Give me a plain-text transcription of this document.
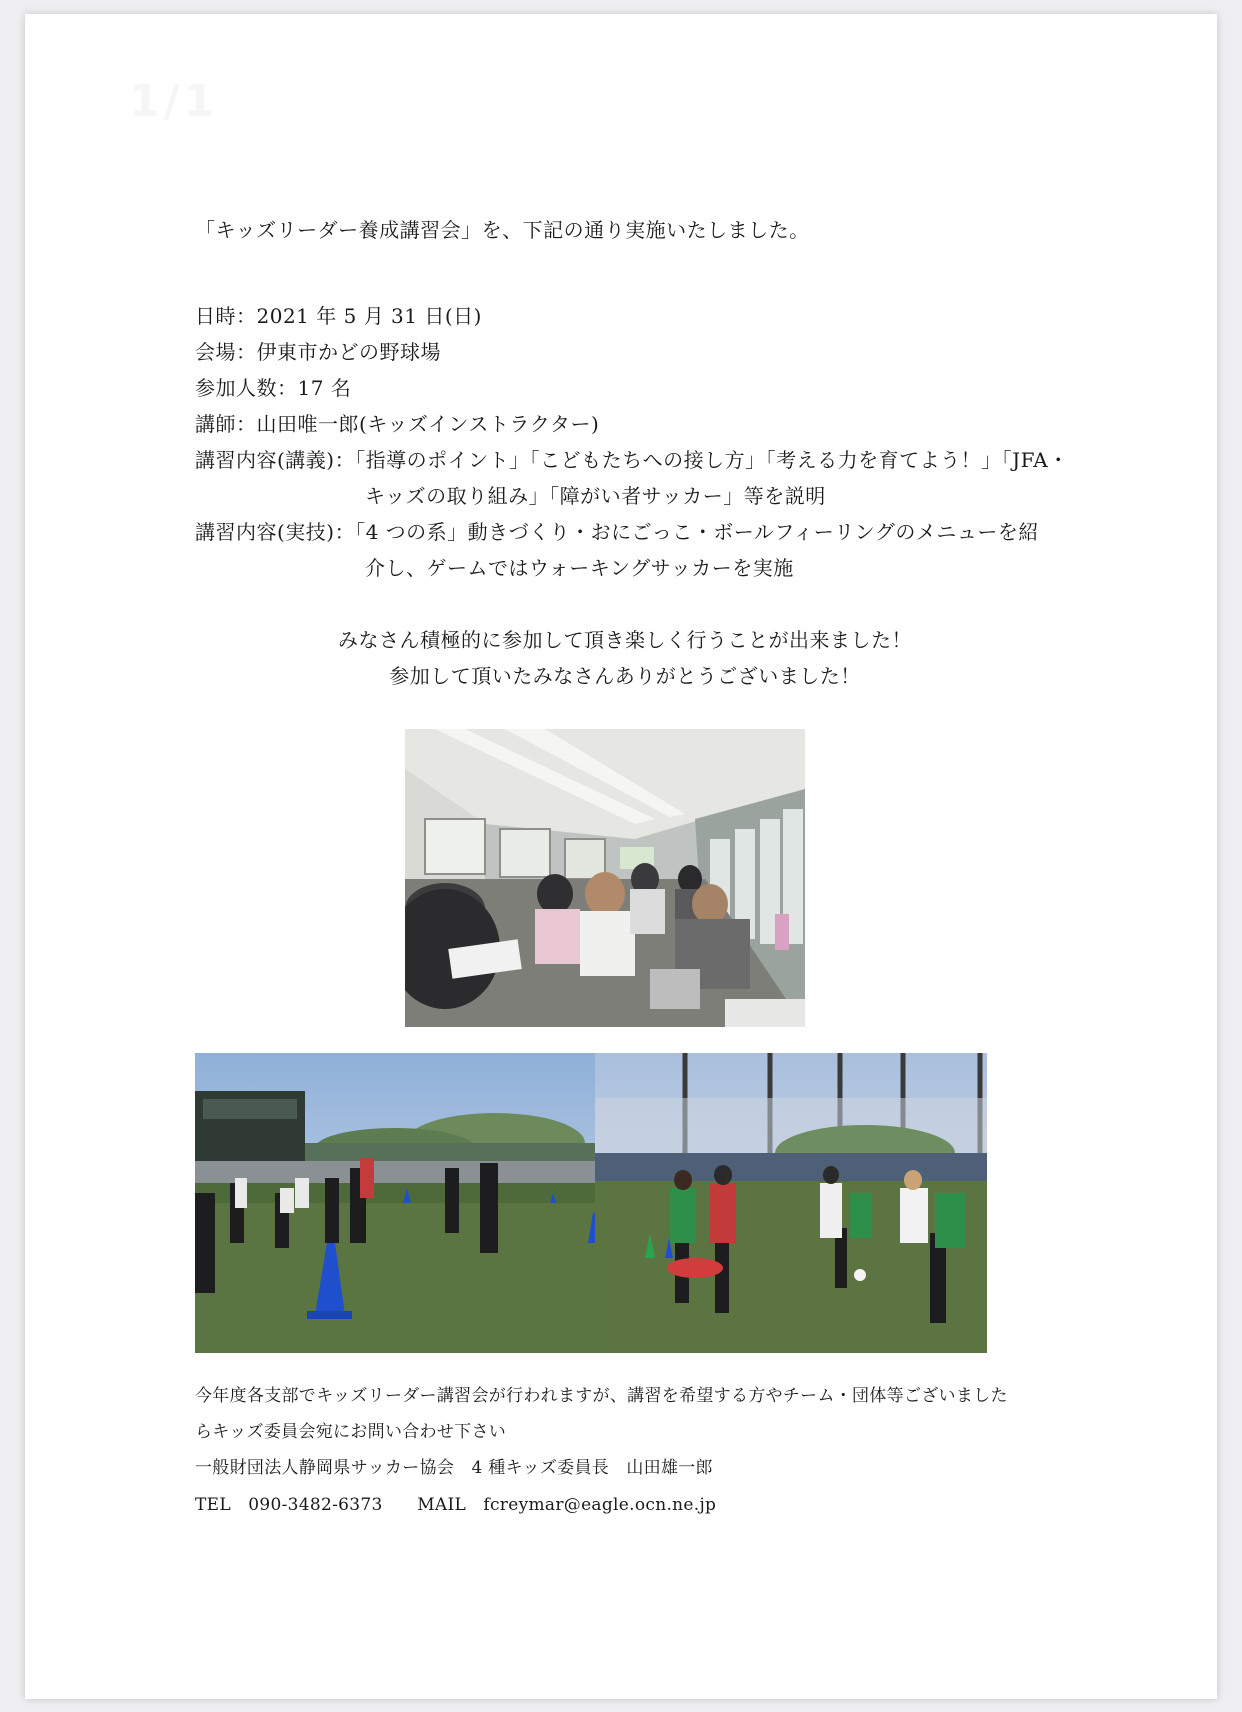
1/1
「キッズリーダー養成講習会」を、下記の通り実施いたしました。
日時：2021 年 5 月 31 日(日)
会場：伊東市かどの野球場
参加人数：17 名
講師：山田唯一郎(キッズインストラクター)
講習内容(講義)：「指導のポイント」「こどもたちへの接し方」「考える力を育てよう！」「JFA・
キッズの取り組み」「障がい者サッカー」等を説明
講習内容(実技)：「4 つの系」動きづくり・おにごっこ・ボールフィーリングのメニューを紹
介し、ゲームではウォーキングサッカーを実施
みなさん積極的に参加して頂き楽しく行うことが出来ました！
参加して頂いたみなさんありがとうございました！
今年度各支部でキッズリーダー講習会が行われますが、講習を希望する方やチーム・団体等ございました
らキッズ委員会宛にお問い合わせ下さい
一般財団法人静岡県サッカー協会　4 種キッズ委員長　山田雄一郎
TEL　090-3482-6373　　MAIL　fcreymar@eagle.ocn.ne.jp
